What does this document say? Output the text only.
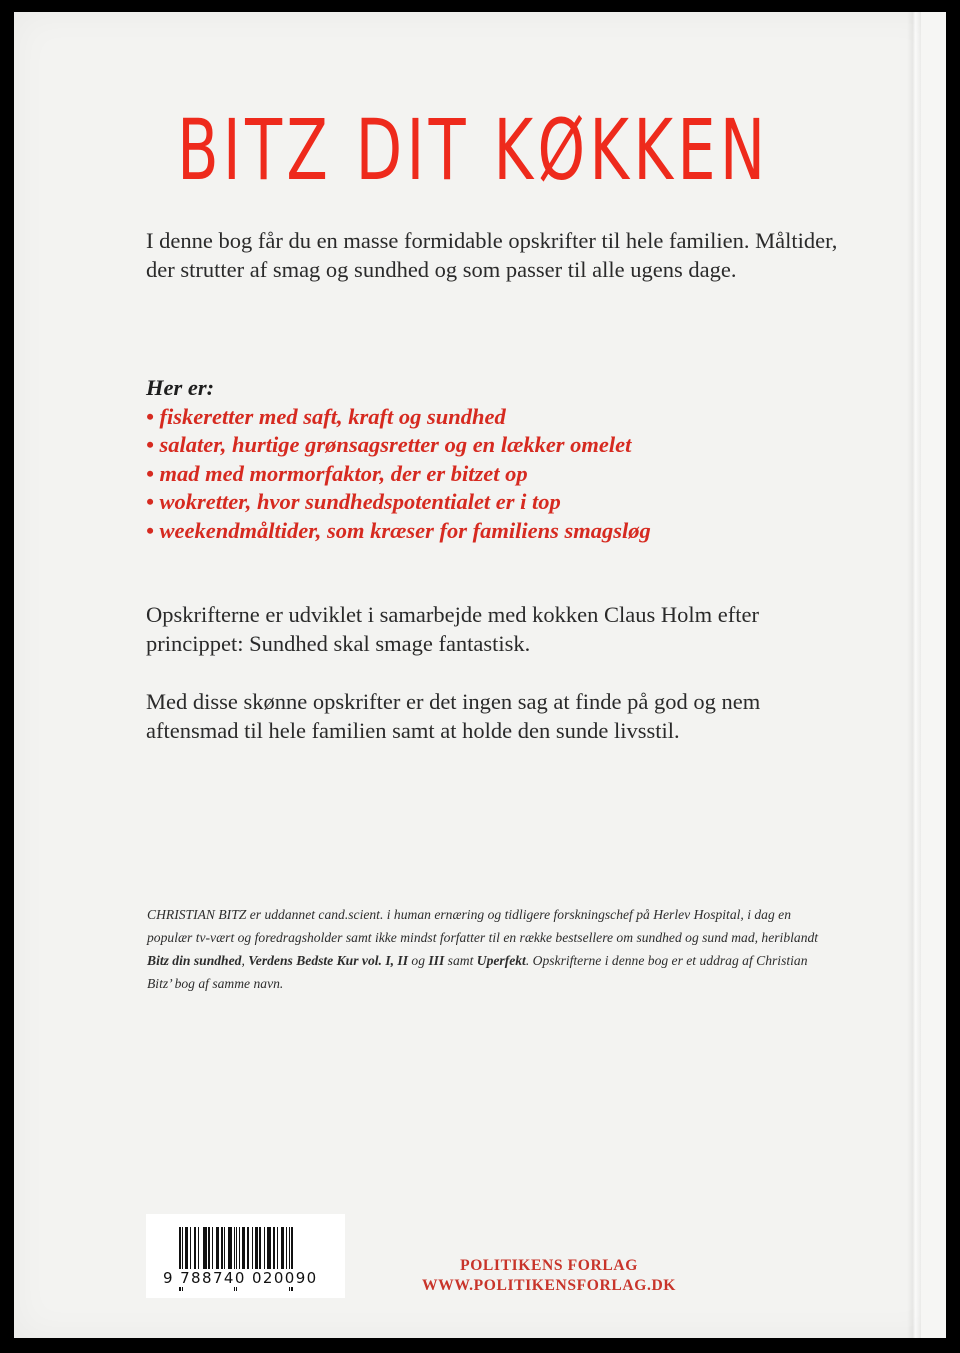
BITZ DIT KØKKEN

I denne bog får du en masse formidable opskrifter til hele familien. Måltider, der strutter af smag og sundhed og som passer til alle ugens dage.

Her er:
• fiskeretter med saft, kraft og sundhed
• salater, hurtige grønsagsretter og en lækker omelet
• mad med mormorfaktor, der er bitzet op
• wokretter, hvor sundhedspotentialet er i top
• weekendmåltider, som kræser for familiens smagsløg

Opskrifterne er udviklet i samarbejde med kokken Claus Holm efter princippet: Sundhed skal smage fantastisk.

Med disse skønne opskrifter er det ingen sag at finde på god og nem aftensmad til hele familien samt at holde den sunde livsstil.

CHRISTIAN BITZ er uddannet cand.scient. i human ernæring og tidligere forskningschef på Herlev Hospital, i dag en populær tv-vært og foredragsholder samt ikke mindst forfatter til en række bestsellere om sundhed og sund mad, heriblandt Bitz din sundhed, Verdens Bedste Kur vol. I, II og III samt Uperfekt. Opskrifterne i denne bog er et uddrag af Christian Bitz’ bog af samme navn.

9 788740 020090
POLITIKENS FORLAG
WWW.POLITIKENSFORLAG.DK
